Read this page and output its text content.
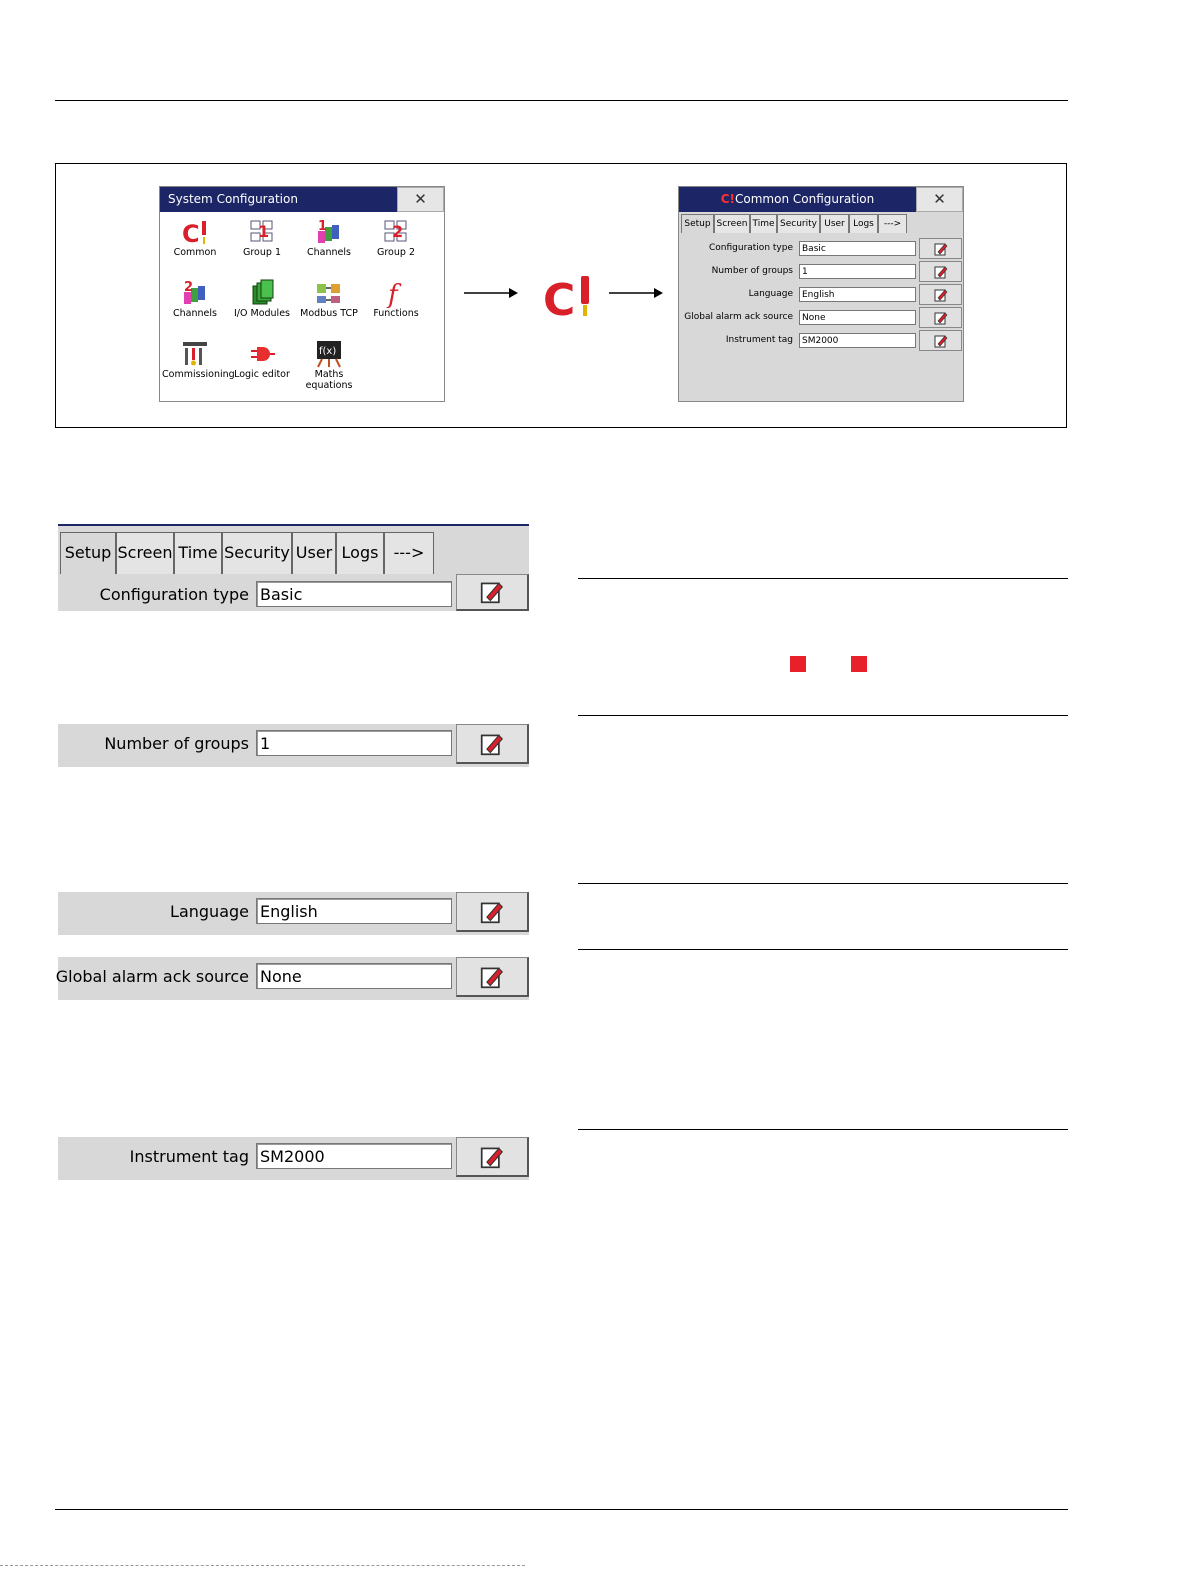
System Configuration	✕
C
Common
1
Group 1
1
Channels
2
Group 2
2
Channels	I/O Modules	Modbus TCP
f
Functions
Commissioning Logic editor
f(x)
Maths equations
C
C!Common Configuration	✕
Setup Screen Time Security User Logs	--->
Configuration type	Basic
Number of groups	1
Language	English
Global alarm ack source	None
Instrument tag	SM2000
Setup Screen Time Security User Logs --->
Configuration type Basic
Number of groups 1
Language English
Global alarm ack source None
Instrument tag SM2000
